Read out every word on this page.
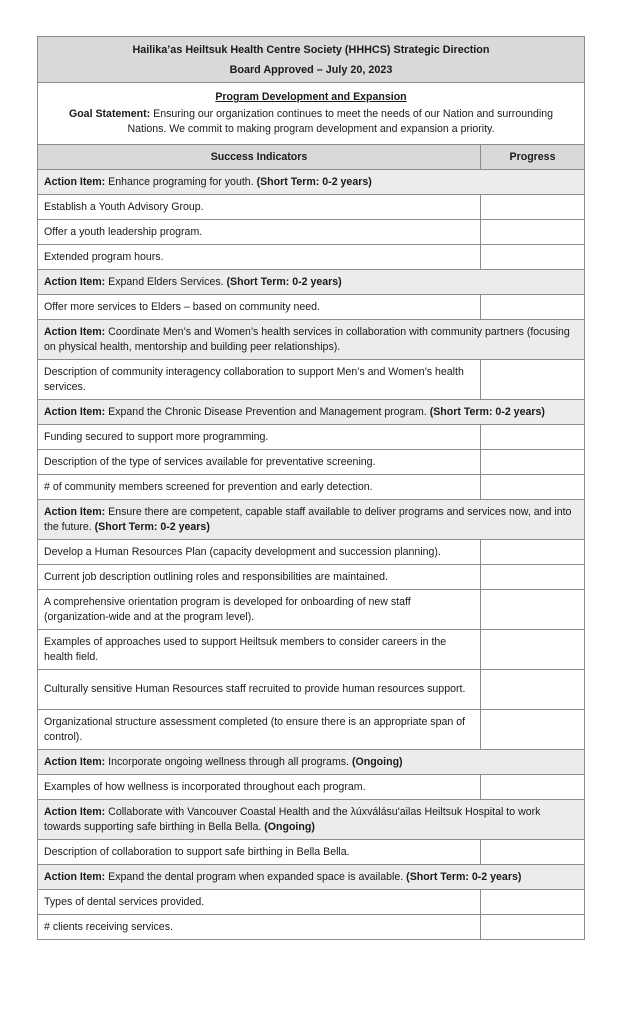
Hailika’as Heiltsuk Health Centre Society (HHHCS) Strategic Direction
Board Approved – July 20, 2023	

Program Development and Expansion
Goal Statement: Ensuring our organization continues to meet the needs of our Nation and surrounding Nations. We commit to making program development and expansion a priority.	
Success Indicators	Progress
Action Item: Enhance programing for youth. (Short Term: 0-2 years)	
Establish a Youth Advisory Group.	
Offer a youth leadership program.	
Extended program hours.	
Action Item: Expand Elders Services. (Short Term: 0-2 years)	
Offer more services to Elders – based on community need.	
Action Item: Coordinate Men’s and Women’s health services in collaboration with community partners (focusing on physical health, mentorship and building peer relationships).	
Description of community interagency collaboration to support Men’s and Women’s health services.	
Action Item: Expand the Chronic Disease Prevention and Management program. (Short Term: 0-2 years)	
Funding secured to support more programming.	
Description of the type of services available for preventative screening.	
# of community members screened for prevention and early detection.	
Action Item: Ensure there are competent, capable staff available to deliver programs and services now, and into the future. (Short Term: 0-2 years)	
Develop a Human Resources Plan (capacity development and succession planning).	
Current job description outlining roles and responsibilities are maintained.	
A comprehensive orientation program is developed for onboarding of new staff (organization-wide and at the program level).	
Examples of approaches used to support Heiltsuk members to consider careers in the health field.	
Culturally sensitive Human Resources staff recruited to provide human resources support.	
Organizational structure assessment completed (to ensure there is an appropriate span of control).	
Action Item: Incorporate ongoing wellness through all programs. (Ongoing)	
Examples of how wellness is incorporated throughout each program.	
Action Item: Collaborate with Vancouver Coastal Health and the λúxválásu'ailas Heiltsuk Hospital to work towards supporting safe birthing in Bella Bella. (Ongoing)	
Description of collaboration to support safe birthing in Bella Bella.	
Action Item: Expand the dental program when expanded space is available. (Short Term: 0-2 years)	
Types of dental services provided.	
# clients receiving services.	
